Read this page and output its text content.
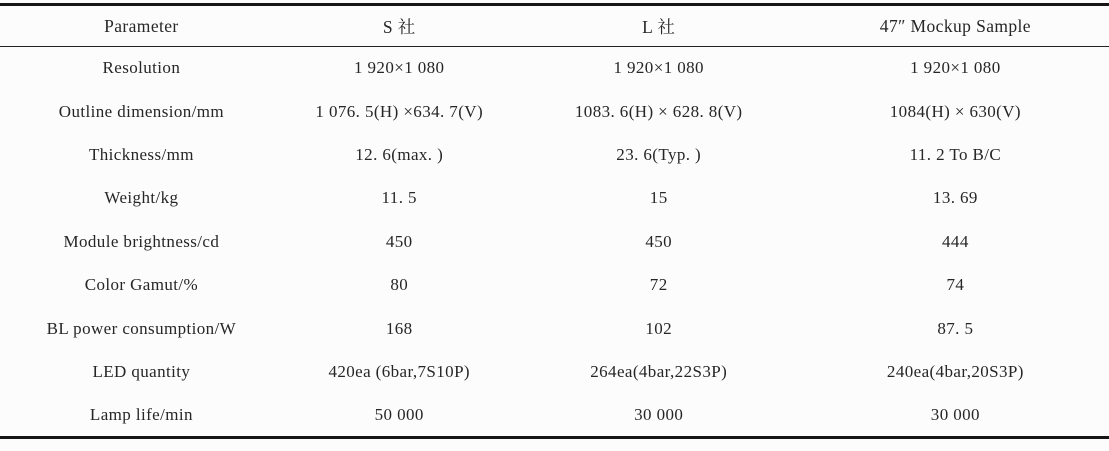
Parameter	S 社	L 社	47″ Mockup Sample
Resolution	1 920×1 080	1 920×1 080	1 920×1 080
Outline dimension/mm	1 076. 5(H) ×634. 7(V)	1083. 6(H) × 628. 8(V)	1084(H) × 630(V)
Thickness/mm	12. 6(max. )	23. 6(Typ. )	11. 2 To B/C
Weight/kg	11. 5	15	13. 69
Module brightness/cd	450	450	444
Color Gamut/%	80	72	74
BL power consumption/W	168	102	87. 5
LED quantity	420ea (6bar,7S10P)	264ea(4bar,22S3P)	240ea(4bar,20S3P)
Lamp life/min	50 000	30 000	30 000
